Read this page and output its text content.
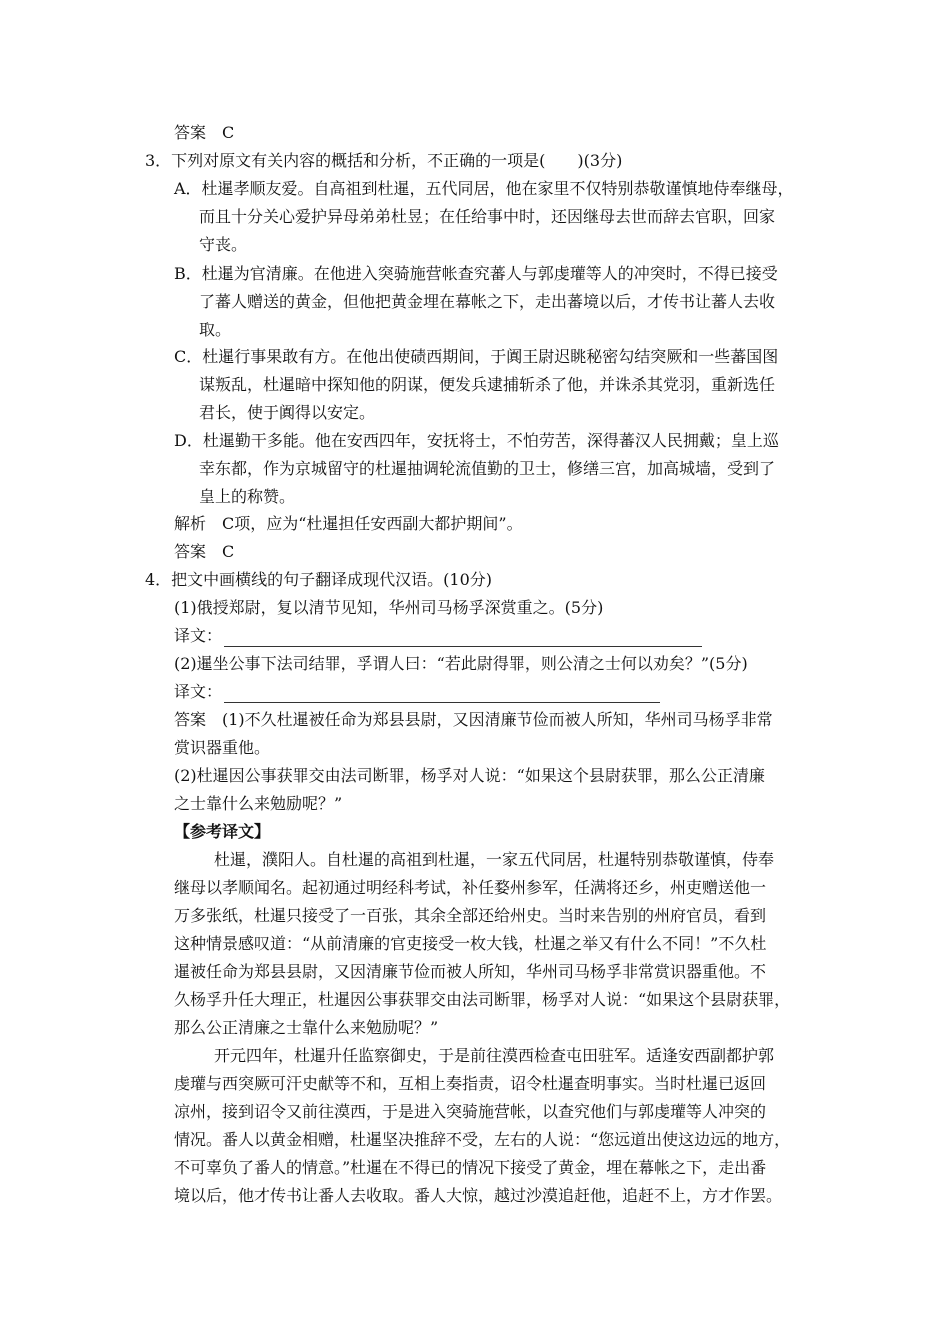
答案　C
3．下列对原文有关内容的概括和分析，不正确的一项是(　　)(3分)
A．杜暹孝顺友爱。自高祖到杜暹，五代同居，他在家里不仅特别恭敬谨慎地侍奉继母，
而且十分关心爱护异母弟弟杜昱；在任给事中时，还因继母去世而辞去官职，回家
守丧。
B．杜暹为官清廉。在他进入突骑施营帐查究蕃人与郭虔瓘等人的冲突时，不得已接受
了蕃人赠送的黄金，但他把黄金埋在幕帐之下，走出蕃境以后，才传书让蕃人去收
取。
C．杜暹行事果敢有方。在他出使碛西期间，于阗王尉迟眺秘密勾结突厥和一些蕃国图
谋叛乱，杜暹暗中探知他的阴谋，便发兵逮捕斩杀了他，并诛杀其党羽，重新选任
君长，使于阗得以安定。
D．杜暹勤干多能。他在安西四年，安抚将士，不怕劳苦，深得蕃汉人民拥戴；皇上巡
幸东都，作为京城留守的杜暹抽调轮流值勤的卫士，修缮三宫，加高城墙，受到了
皇上的称赞。
解析　C项，应为“杜暹担任安西副大都护期间”。
答案　C
4．把文中画横线的句子翻译成现代汉语。(10分)
(1)俄授郑尉，复以清节见知，华州司马杨孚深赏重之。(5分)
译文：
(2)暹坐公事下法司结罪，孚谓人曰：“若此尉得罪，则公清之士何以劝矣？”(5分)
译文：
答案　(1)不久杜暹被任命为郑县县尉，又因清廉节俭而被人所知，华州司马杨孚非常
赏识器重他。
(2)杜暹因公事获罪交由法司断罪，杨孚对人说：“如果这个县尉获罪，那么公正清廉
之士靠什么来勉励呢？”
【参考译文】
杜暹，濮阳人。自杜暹的高祖到杜暹，一家五代同居，杜暹特别恭敬谨慎，侍奉
继母以孝顺闻名。起初通过明经科考试，补任婺州参军，任满将还乡，州吏赠送他一
万多张纸，杜暹只接受了一百张，其余全部还给州史。当时来告别的州府官员，看到
这种情景感叹道：“从前清廉的官吏接受一枚大钱，杜暹之举又有什么不同！”不久杜
暹被任命为郑县县尉，又因清廉节俭而被人所知，华州司马杨孚非常赏识器重他。不
久杨孚升任大理正，杜暹因公事获罪交由法司断罪，杨孚对人说：“如果这个县尉获罪，
那么公正清廉之士靠什么来勉励呢？”
开元四年，杜暹升任监察御史，于是前往漠西检查屯田驻军。适逢安西副都护郭
虔瓘与西突厥可汗史献等不和，互相上奏指责，诏令杜暹查明事实。当时杜暹已返回
凉州，接到诏令又前往漠西，于是进入突骑施营帐，以查究他们与郭虔瓘等人冲突的
情况。番人以黄金相赠，杜暹坚决推辞不受，左右的人说：“您远道出使这边远的地方，
不可辜负了番人的情意。”杜暹在不得已的情况下接受了黄金，埋在幕帐之下，走出番
境以后，他才传书让番人去收取。番人大惊，越过沙漠追赶他，追赶不上，方才作罢。
